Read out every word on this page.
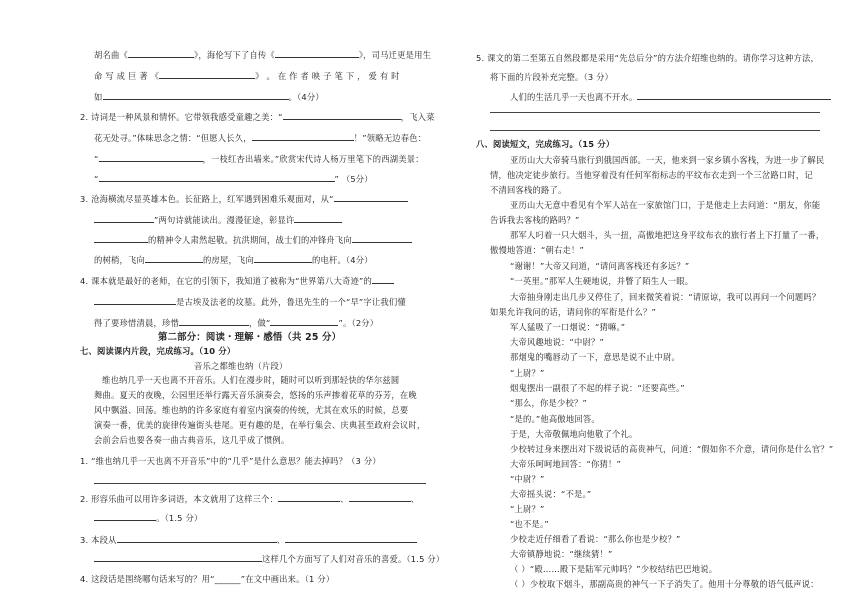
胡名曲《	》，海伦写下了自传《	》，司马迁更是用生
命 写 成 巨 著 《	》 。 在 作 者 映 子 笔 下 ， 爱 有 时
如	。（4分）
2. 诗词是一种风景和情怀。它带领我感受童趣之美：“	，飞入菜
花无处寻。”体味思念之情：“但愿人长久，	！”领略无边春色：
“	，一枝红杏出墙来。”欣赏宋代诗人杨万里笔下的西湖美景：
“	” （5分）
3. 沧海横流尽显英雄本色。长征路上，红军遇到困难乐观面对，从“
”两句诗就能读出。漫漫征途，彰显许
的精神令人肃然起敬。抗洪期间，战士们的冲锋舟飞向
的树梢，飞向	的房屋，飞向	的电杆。（4分）
4. 课本就是最好的老师，在它的引领下，我知道了被称为“世界第八大奇迹”的
是古埃及法老的坟墓。此外，鲁迅先生的一个“早”字让我们懂
得了要珍惜清晨，珍惜	，做“	”。（2分）
第二部分：阅读・理解・感悟（共 25 分）
七、阅读课内片段，完成练习。（10 分）
音乐之都维也纳（片段）
维也纳几乎一天也离不开音乐。人们在漫步时，随时可以听到那轻快的华尔兹圆
舞曲。夏天的夜晚，公园里还举行露天音乐演奏会，悠扬的乐声掺着花草的芬芳，在晚
风中飘溢、回荡。维也纳的许多家庭有着室内演奏的传统，尤其在欢乐的时候，总要
演奏一番，优美的旋律传遍街头巷尾。更有趣的是，在举行集会、庆典甚至政府会议时，
会前会后也要各奏一曲古典音乐，这几乎成了惯例。
1. “维也纳几乎一天也离不开音乐”中的“几乎”是什么意思？能去掉吗？（3 分）
2. 形容乐曲可以用许多词语，本文就用了这样三个：	、	、
。（1.5 分）
3. 本段从	、
这样几个方面写了人们对音乐的喜爱。（1.5 分）
4. 这段话是围绕哪句话来写的？用“______”在文中画出来。（1 分）
5. 课文的第二至第五自然段都是采用“先总后分”的方法介绍维也纳的。请你学习这种方法，
将下面的片段补充完整。（3 分）
人们的生活几乎一天也离不开水。
八、阅读短文，完成练习。（15 分）
亚历山大大帝骑马旅行到俄国西部。一天，他来到一家乡镇小客栈，为进一步了解民
情，他决定徒步旅行。当他穿着没有任何军衔标志的平纹布衣走到一个三岔路口时，记
不清回客栈的路了。
亚历山大无意中看见有个军人站在一家旅馆门口，于是他走上去问道：“朋友，你能
告诉我去客栈的路吗？”
那军人叼着一只大烟斗，头一扭，高傲地把这身平纹布衣的旅行者上下打量了一番，
傲慢地答道：“朝右走！”
“谢谢！”大帝又问道，“请问离客栈还有多远？”
“一英里。”那军人生硬地说，并瞥了陌生人一眼。
大帝抽身刚走出几步又停住了，回来微笑着说：“请原谅，我可以再问一个问题吗？
如果允许我问的话，请问你的军衔是什么？”
军人猛吸了一口烟说：“猜嘛。”
大帝风趣地说：“中尉？”
那烟鬼的嘴唇动了一下，意思是说不止中尉。
“上尉？”
烟鬼摆出一副很了不起的样子说：“还要高些。”
“那么，你是少校？”
“是的。”他高傲地回答。
于是，大帝敬佩地向他敬了个礼。
少校转过身来摆出对下级说话的高贵神气，问道：“假如你不介意，请问你是什么官？”
大帝乐呵呵地回答：“你猜！”
“中尉？”
大帝摇头说：“不是。”
“上尉？”
“也不是。”
少校走近仔细看了看说：“那么你也是少校？”
大帝镇静地说：“继续猜！”
（ ）“殿……殿下是陆军元帅吗？”少校结结巴巴地说。
（ ）少校取下烟斗，那副高贵的神气一下子消失了。他用十分尊敬的语气低声说：
